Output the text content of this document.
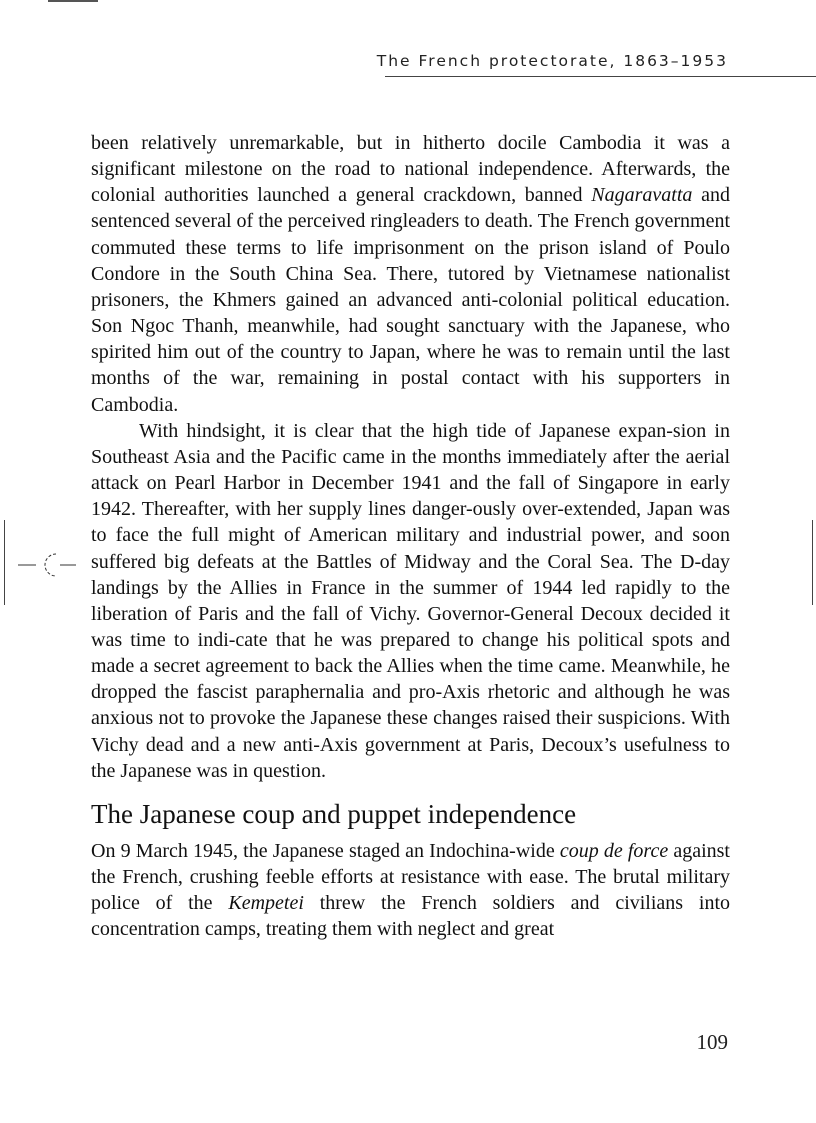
The French protectorate, 1863–1953

been relatively unremarkable, but in hitherto docile Cambodia it was a significant milestone on the road to national independence. Afterwards, the colonial authorities launched a general crackdown, banned Nagaravatta and sentenced several of the perceived ringleaders to death. The French government commuted these terms to life imprisonment on the prison island of Poulo Condore in the South China Sea. There, tutored by Vietnamese nationalist prisoners, the Khmers gained an advanced anti-colonial political education. Son Ngoc Thanh, meanwhile, had sought sanctuary with the Japanese, who spirited him out of the country to Japan, where he was to remain until the last months of the war, remaining in postal contact with his supporters in Cambodia.

With hindsight, it is clear that the high tide of Japanese expan-sion in Southeast Asia and the Pacific came in the months immediately after the aerial attack on Pearl Harbor in December 1941 and the fall of Singapore in early 1942. Thereafter, with her supply lines danger-ously over-extended, Japan was to face the full might of American military and industrial power, and soon suffered big defeats at the Battles of Midway and the Coral Sea. The D-day landings by the Allies in France in the summer of 1944 led rapidly to the liberation of Paris and the fall of Vichy. Governor-General Decoux decided it was time to indi-cate that he was prepared to change his political spots and made a secret agreement to back the Allies when the time came. Meanwhile, he dropped the fascist paraphernalia and pro-Axis rhetoric and although he was anxious not to provoke the Japanese these changes raised their suspicions. With Vichy dead and a new anti-Axis government at Paris, Decoux’s usefulness to the Japanese was in question.

The Japanese coup and puppet independence

On 9 March 1945, the Japanese staged an Indochina-wide coup de force against the French, crushing feeble efforts at resistance with ease. The brutal military police of the Kempetei threw the French soldiers and civilians into concentration camps, treating them with neglect and great

109
